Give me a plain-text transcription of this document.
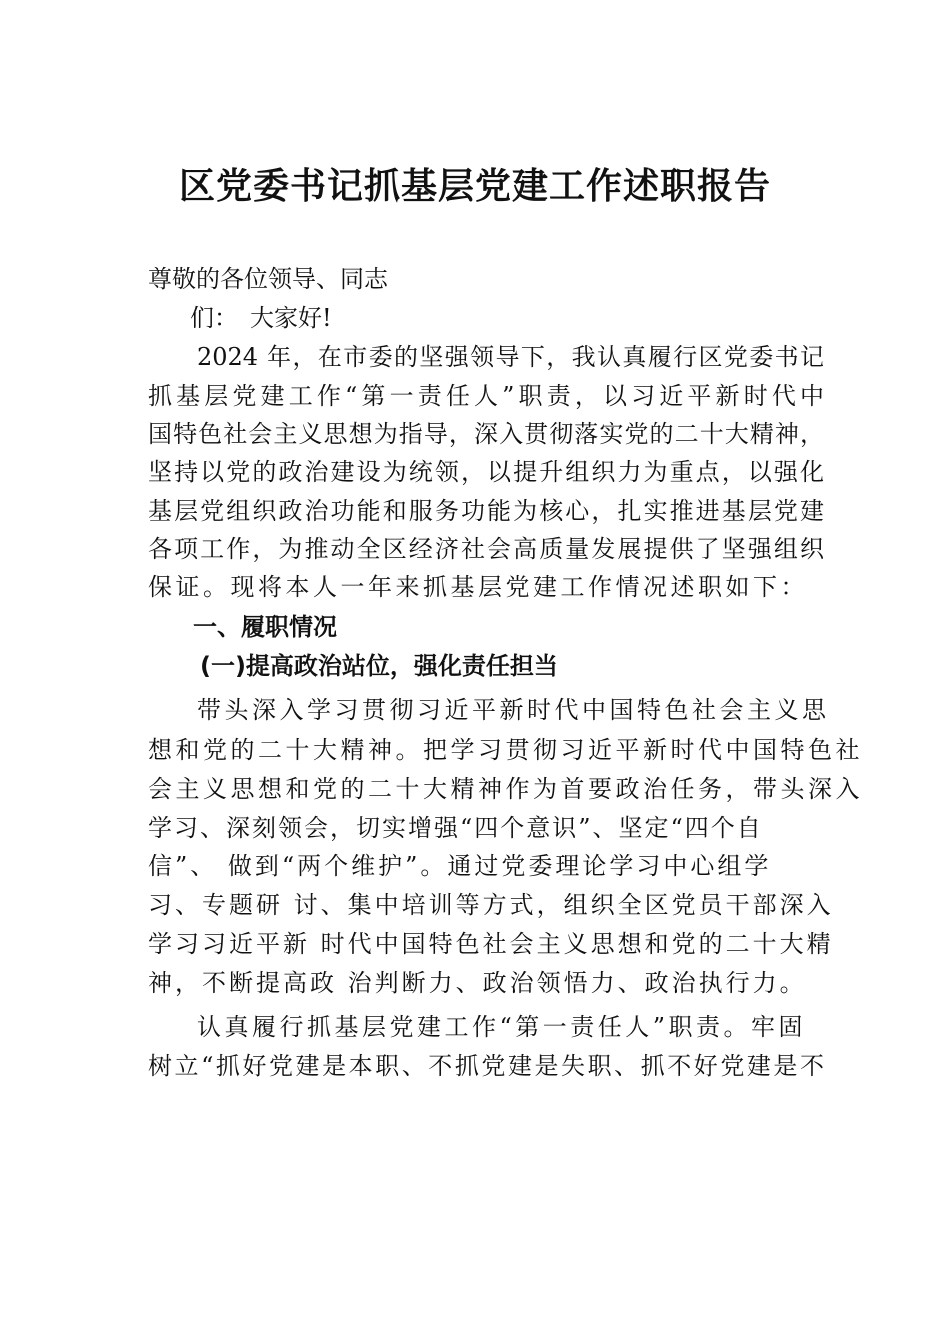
区党委书记抓基层党建工作述职报告
尊敬的各位领导、同志
们：　大家好!
2024 年，在市委的坚强领导下，我认真履行区党委书记
抓基层党建工作“第一责任人”职责，以习近平新时代中
国特色社会主义思想为指导，深入贯彻落实党的二十大精神，
坚持以党的政治建设为统领，以提升组织力为重点，以强化
基层党组织政治功能和服务功能为核心，扎实推进基层党建
各项工作，为推动全区经济社会高质量发展提供了坚强组织
保证。现将本人一年来抓基层党建工作情况述职如下：
一、履职情况
(一)提高政治站位，强化责任担当
带头深入学习贯彻习近平新时代中国特色社会主义思
想和党的二十大精神。把学习贯彻习近平新时代中国特色社
会主义思想和党的二十大精神作为首要政治任务，带头深入
学习、深刻领会，切实增强“四个意识”、坚定“四个自
信”、 做到“两个维护”。通过党委理论学习中心组学
习、专题研 讨、集中培训等方式，组织全区党员干部深入
学习习近平新 时代中国特色社会主义思想和党的二十大精
神，不断提高政 治判断力、政治领悟力、政治执行力。
认真履行抓基层党建工作“第一责任人”职责。牢固
树立“抓好党建是本职、不抓党建是失职、抓不好党建是不
